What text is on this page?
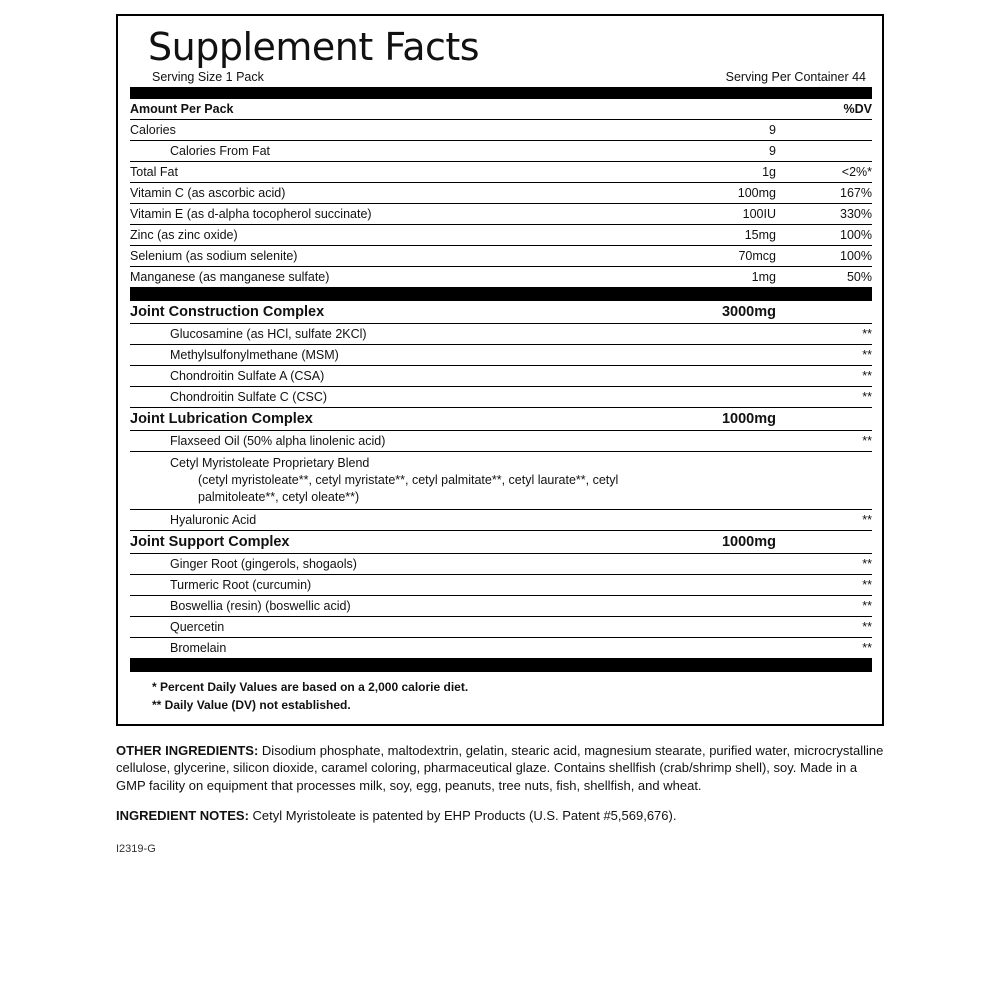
Supplement Facts
Serving Size 1 Pack	Serving Per Container 44
Amount Per Pack		%DV
Calories	9	
Calories From Fat	9	
Total Fat	1g	<2%*
Vitamin C (as ascorbic acid)	100mg	167%
Vitamin E (as d-alpha tocopherol succinate)	100IU	330%
Zinc (as zinc oxide)	15mg	100%
Selenium (as sodium selenite)	70mcg	100%
Manganese (as manganese sulfate)	1mg	50%
Joint Construction Complex	3000mg	
Glucosamine (as HCl, sulfate 2KCl)		**
Methylsulfonylmethane (MSM)		**
Chondroitin Sulfate A (CSA)		**
Chondroitin Sulfate C (CSC)		**
Joint Lubrication Complex	1000mg	
Flaxseed Oil (50% alpha linolenic acid)		**
Cetyl Myristoleate Proprietary Blend
(cetyl myristoleate**, cetyl myristate**, cetyl palmitate**, cetyl laurate**, cetyl palmitoleate**, cetyl oleate**)		

Hyaluronic Acid		**
Joint Support Complex	1000mg	
Ginger Root (gingerols, shogaols)		**
Turmeric Root (curcumin)		**
Boswellia (resin) (boswellic acid)		**
Quercetin		**
Bromelain		**
* Percent Daily Values are based on a 2,000 calorie diet.
** Daily Value (DV) not established.

OTHER INGREDIENTS: Disodium phosphate, maltodextrin, gelatin, stearic acid, magnesium stearate, purified water, microcrystalline cellulose, glycerine, silicon dioxide, caramel coloring, pharmaceutical glaze. Contains shellfish (crab/shrimp shell), soy. Made in a GMP facility on equipment that processes milk, soy, egg, peanuts, tree nuts, fish, shellfish, and wheat.

INGREDIENT NOTES: Cetyl Myristoleate is patented by EHP Products (U.S. Patent #5,569,676).

I2319-G
